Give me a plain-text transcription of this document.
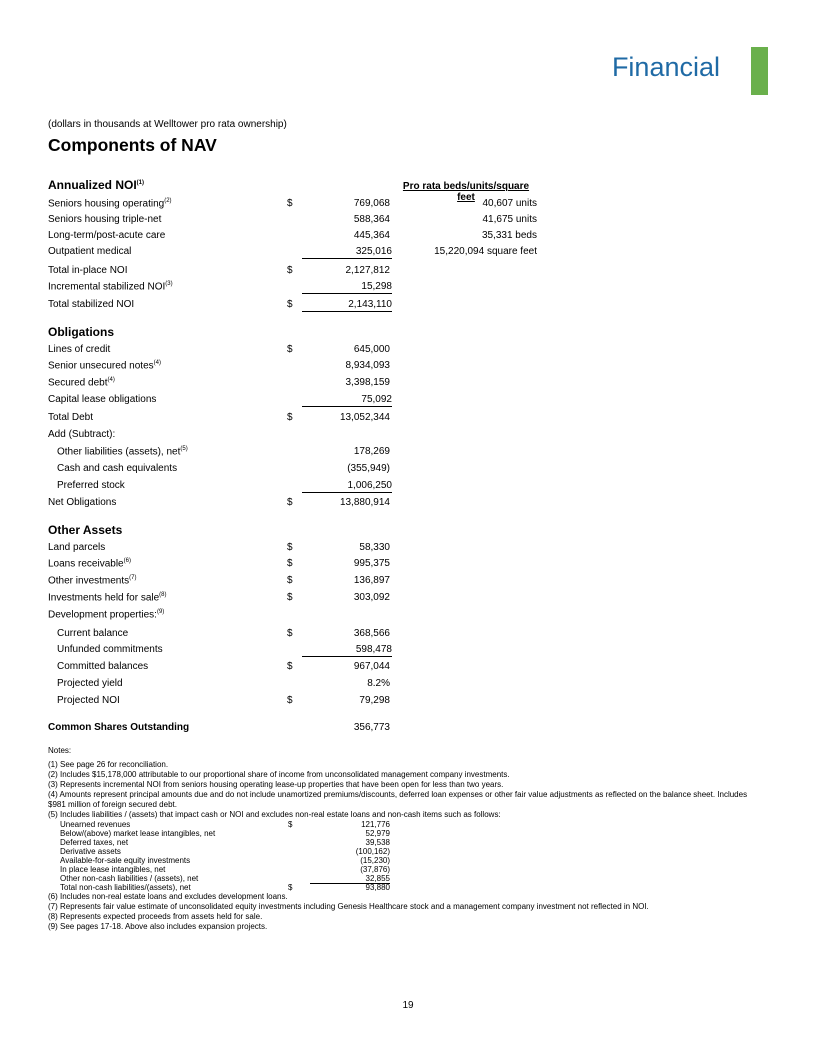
Financial
(dollars in thousands at Welltower pro rata ownership)
Components of NAV
Annualized NOI$^{(1)}$	Pro rata beds/units/square feet
Seniors housing operating$^{(2)}$	$	769,068	40,607 units
Seniors housing triple-net	588,364	41,675 units
Long-term/post-acute care	445,364	35,331 beds
Outpatient medical	325,016	15,220,094 square feet
Total in-place NOI	$	2,127,812
Incremental stabilized NOI$^{(3)}$	15,298
Total stabilized NOI	$	2,143,110
Obligations
Lines of credit	$	645,000
Senior unsecured notes$^{(4)}$	8,934,093
Secured debt$^{(4)}$	3,398,159
Capital lease obligations	75,092
Total Debt	$	13,052,344
Add (Subtract):
Other liabilities (assets), net$^{(5)}$	178,269
Cash and cash equivalents	(355,949)
Preferred stock	1,006,250
Net Obligations	$	13,880,914
Other Assets
Land parcels	$	58,330
Loans receivable$^{(6)}$	$	995,375
Other investments$^{(7)}$	$	136,897
Investments held for sale$^{(8)}$	$	303,092
Development properties:$^{(9)}$
Current balance	$	368,566
Unfunded commitments	598,478
Committed balances	$	967,044
Projected yield	8.2%
Projected NOI	$	79,298
Common Shares Outstanding	356,773
Notes:
(1) See page 26 for reconciliation.
(2) Includes $15,178,000 attributable to our proportional share of income from unconsolidated management company investments.
(3) Represents incremental NOI from seniors housing operating lease-up properties that have been open for less than two years.
(4) Amounts represent principal amounts due and do not include unamortized premiums/discounts, deferred loan expenses or other fair value adjustments as reflected on the balance sheet. Includes $981 million of foreign secured debt.
(5) Includes liabilities / (assets) that impact cash or NOI and excludes non-real estate loans and non-cash items such as follows:
Unearned revenues	$	121,776
Below/(above) market lease intangibles, net	52,979
Deferred taxes, net	39,538
Derivative assets	(100,162)
Available-for-sale equity investments	(15,230)
In place lease intangibles, net	(37,876)
Other non-cash liabilities / (assets), net	32,855
Total non-cash liabilities/(assets), net	$	93,880
(6) Includes non-real estate loans and excludes development loans.
(7) Represents fair value estimate of unconsolidated equity investments including Genesis Healthcare stock and a management company investment not reflected in NOI.
(8) Represents expected proceeds from assets held for sale.
(9) See pages 17-18. Above also includes expansion projects.
19
